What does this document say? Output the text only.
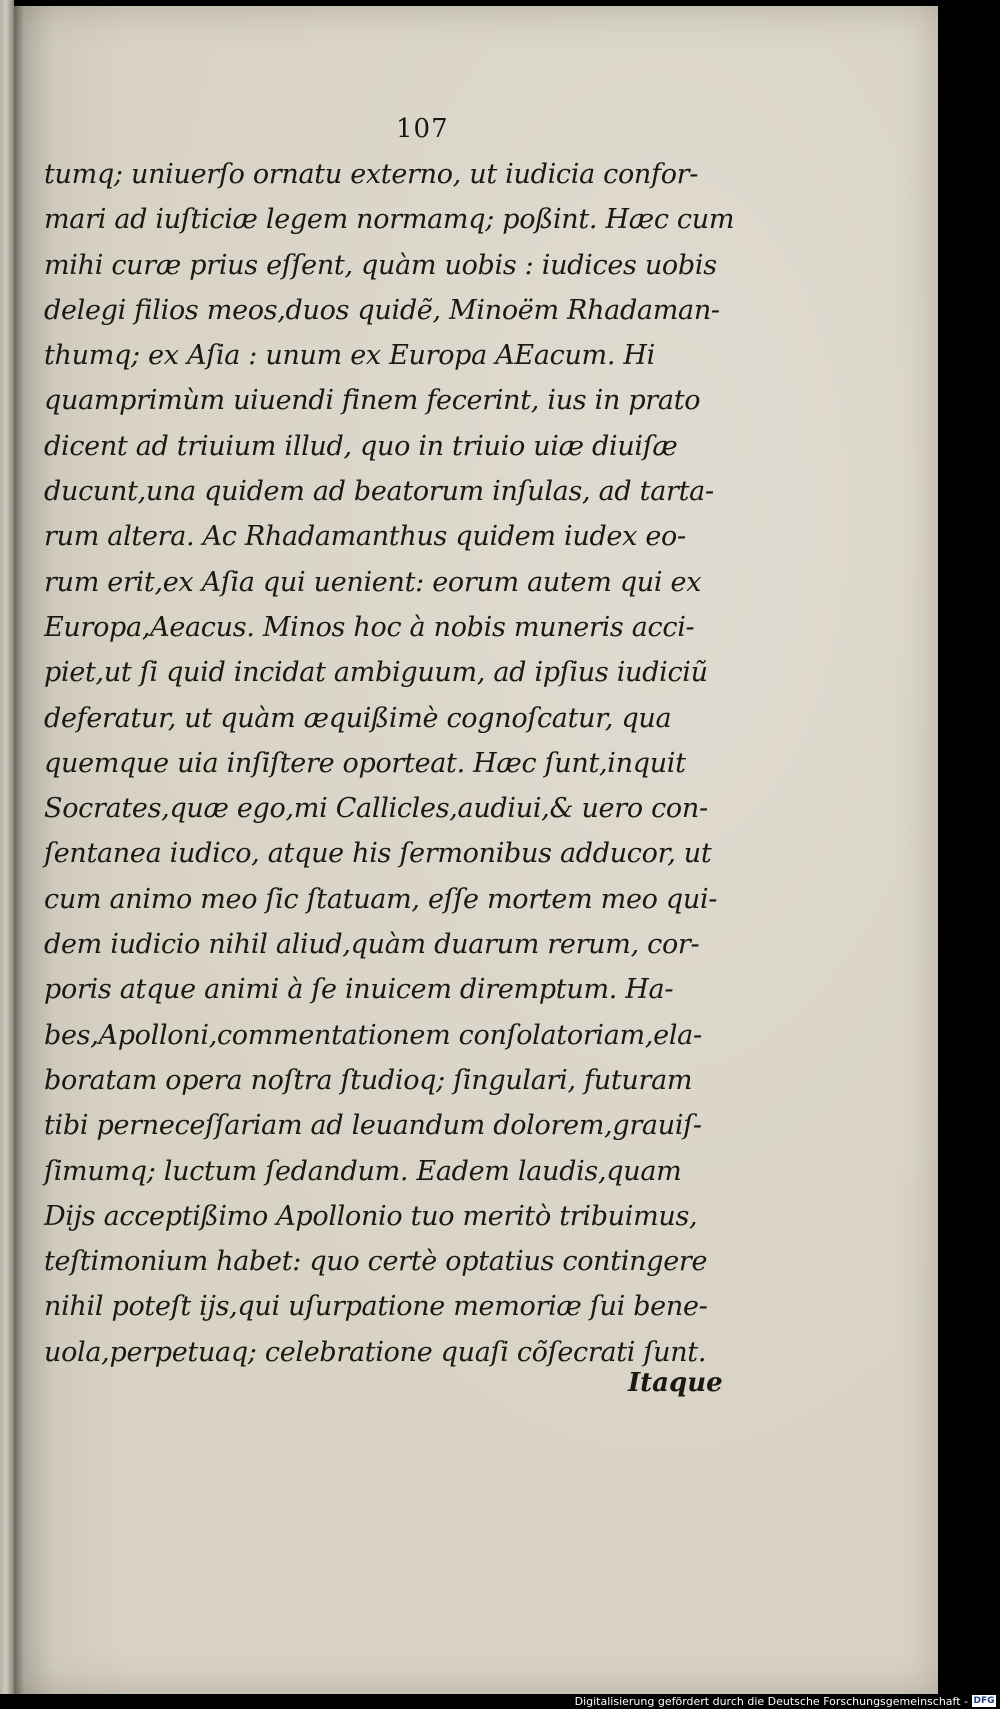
107
tumq; uniuerſo ornatu externo, ut iudicia confor-
mari ad iuſticiæ legem normamq; poßint. Hæc cum
mihi curæ prius eſſent, quàm uobis : iudices uobis
delegi filios meos,duos quidẽ, Minoëm Rhadaman-
thumq; ex Aſia : unum ex Europa AEacum. Hi
quamprimùm uiuendi finem fecerint, ius in prato
dicent ad triuium illud, quo in triuio uiæ diuiſæ
ducunt,una quidem ad beatorum inſulas, ad tarta-
rum altera. Ac Rhadamanthus quidem iudex eo-
rum erit,ex Aſia qui uenient: eorum autem qui ex
Europa,Aeacus. Minos hoc à nobis muneris acci-
piet,ut ſi quid incidat ambiguum, ad ipſius iudiciũ
deferatur, ut quàm æquißimè cognoſcatur, qua
quemque uia inſiſtere oporteat. Hæc ſunt,inquit
Socrates,quæ ego,mi Callicles,audiui,& uero con-
ſentanea iudico, atque his ſermonibus adducor, ut
cum animo meo ſic ſtatuam, eſſe mortem meo qui-
dem iudicio nihil aliud,quàm duarum rerum, cor-
poris atque animi à ſe inuicem diremptum. Ha-
bes,Apolloni,commentationem conſolatoriam,ela-
boratam opera noſtra ſtudioq; ſingulari, futuram
tibi perneceſſariam ad leuandum dolorem,grauiſ-
ſimumq; luctum ſedandum. Eadem laudis,quam
Dijs acceptißimo Apollonio tuo meritò tribuimus,
teſtimonium habet: quo certè optatius contingere
nihil poteſt ijs,qui uſurpatione memoriæ ſui bene-
uola,perpetuaq; celebratione quaſi cõſecrati ſunt.
Itaque
Digitalisierung gefördert durch die Deutsche Forschungsgemeinschaft - DFG
